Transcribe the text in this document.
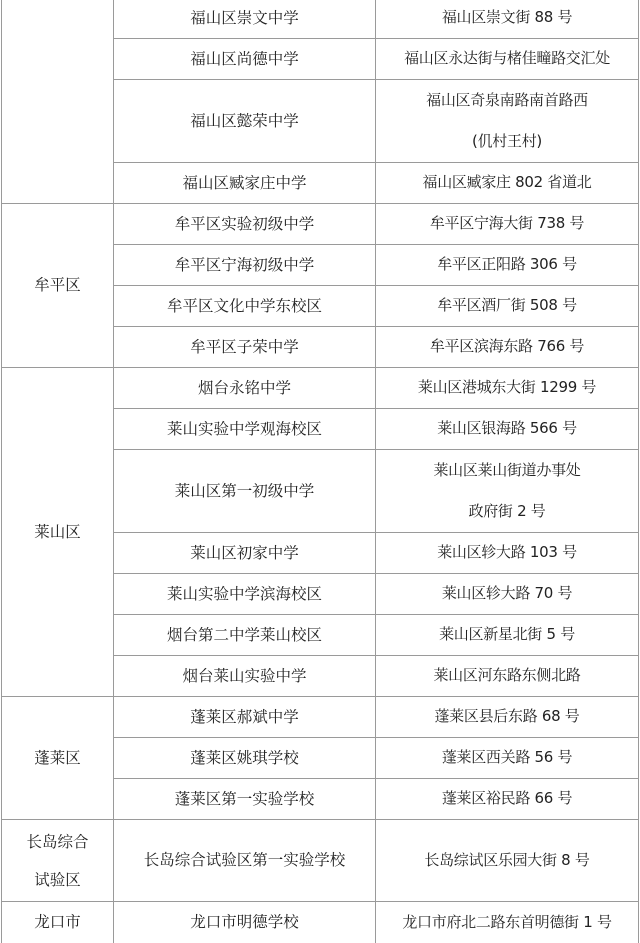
	福山区崇文中学	福山区崇文街 88 号
	福山区尚德中学	福山区永达街与楮佳疃路交汇处
	福山区懿荣中学	福山区奇泉南路南首路西
(仉村王村)

	福山区臧家庄中学	福山区臧家庄 802 省道北
牟平区	牟平区实验初级中学	牟平区宁海大街 738 号
	牟平区宁海初级中学	牟平区正阳路 306 号
	牟平区文化中学东校区	牟平区酒厂街 508 号
	牟平区子荣中学	牟平区滨海东路 766 号
莱山区	烟台永铭中学	莱山区港城东大街 1299 号
	莱山实验中学观海校区	莱山区银海路 566 号
	莱山区第一初级中学	莱山区莱山街道办事处
政府街 2 号

	莱山区初家中学	莱山区轸大路 103 号
	莱山实验中学滨海校区	莱山区轸大路 70 号
	烟台第二中学莱山校区	莱山区新星北街 5 号
	烟台莱山实验中学	莱山区河东路东侧北路
蓬莱区	蓬莱区郝斌中学	蓬莱区县后东路 68 号
	蓬莱区姚琪学校	蓬莱区西关路 56 号
	蓬莱区第一实验学校	蓬莱区裕民路 66 号

长岛综合
试验区	长岛综合试验区第一实验学校	长岛综试区乐园大街 8 号
龙口市	龙口市明德学校	龙口市府北二路东首明德街 1 号
